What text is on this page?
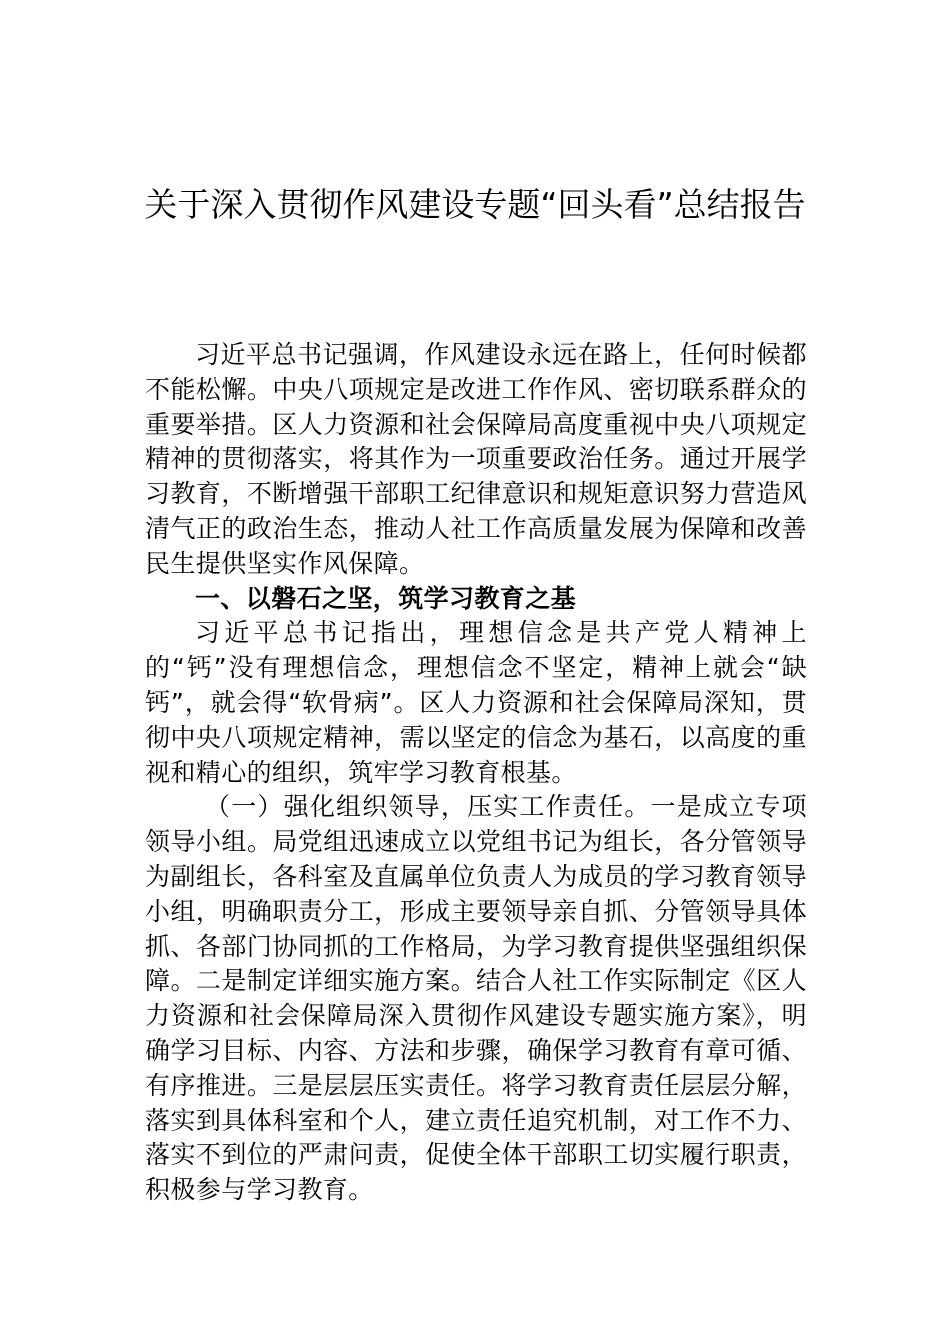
关于深入贯彻作风建设专题“回头看”总结报告

习近平总书记强调，作风建设永远在路上，任何时候都不能松懈。中央八项规定是改进工作作风、密切联系群众的重要举措。区人力资源和社会保障局高度重视中央八项规定精神的贯彻落实，将其作为一项重要政治任务。通过开展学习教育，不断增强干部职工纪律意识和规矩意识努力营造风清气正的政治生态，推动人社工作高质量发展为保障和改善民生提供坚实作风保障。

一、以磐石之坚，筑学习教育之基

习近平总书记指出，理想信念是共产党人精神上的“钙”没有理想信念，理想信念不坚定，精神上就会“缺钙”，就会得“软骨病”。区人力资源和社会保障局深知，贯彻中央八项规定精神，需以坚定的信念为基石，以高度的重视和精心的组织，筑牢学习教育根基。

（一）强化组织领导，压实工作责任。一是成立专项领导小组。局党组迅速成立以党组书记为组长，各分管领导为副组长，各科室及直属单位负责人为成员的学习教育领导小组，明确职责分工，形成主要领导亲自抓、分管领导具体抓、各部门协同抓的工作格局，为学习教育提供坚强组织保障。二是制定详细实施方案。结合人社工作实际制定《区人力资源和社会保障局深入贯彻作风建设专题实施方案》，明确学习目标、内容、方法和步骤，确保学习教育有章可循、有序推进。三是层层压实责任。将学习教育责任层层分解，落实到具体科室和个人，建立责任追究机制，对工作不力、落实不到位的严肃问责，促使全体干部职工切实履行职责，积极参与学习教育。
